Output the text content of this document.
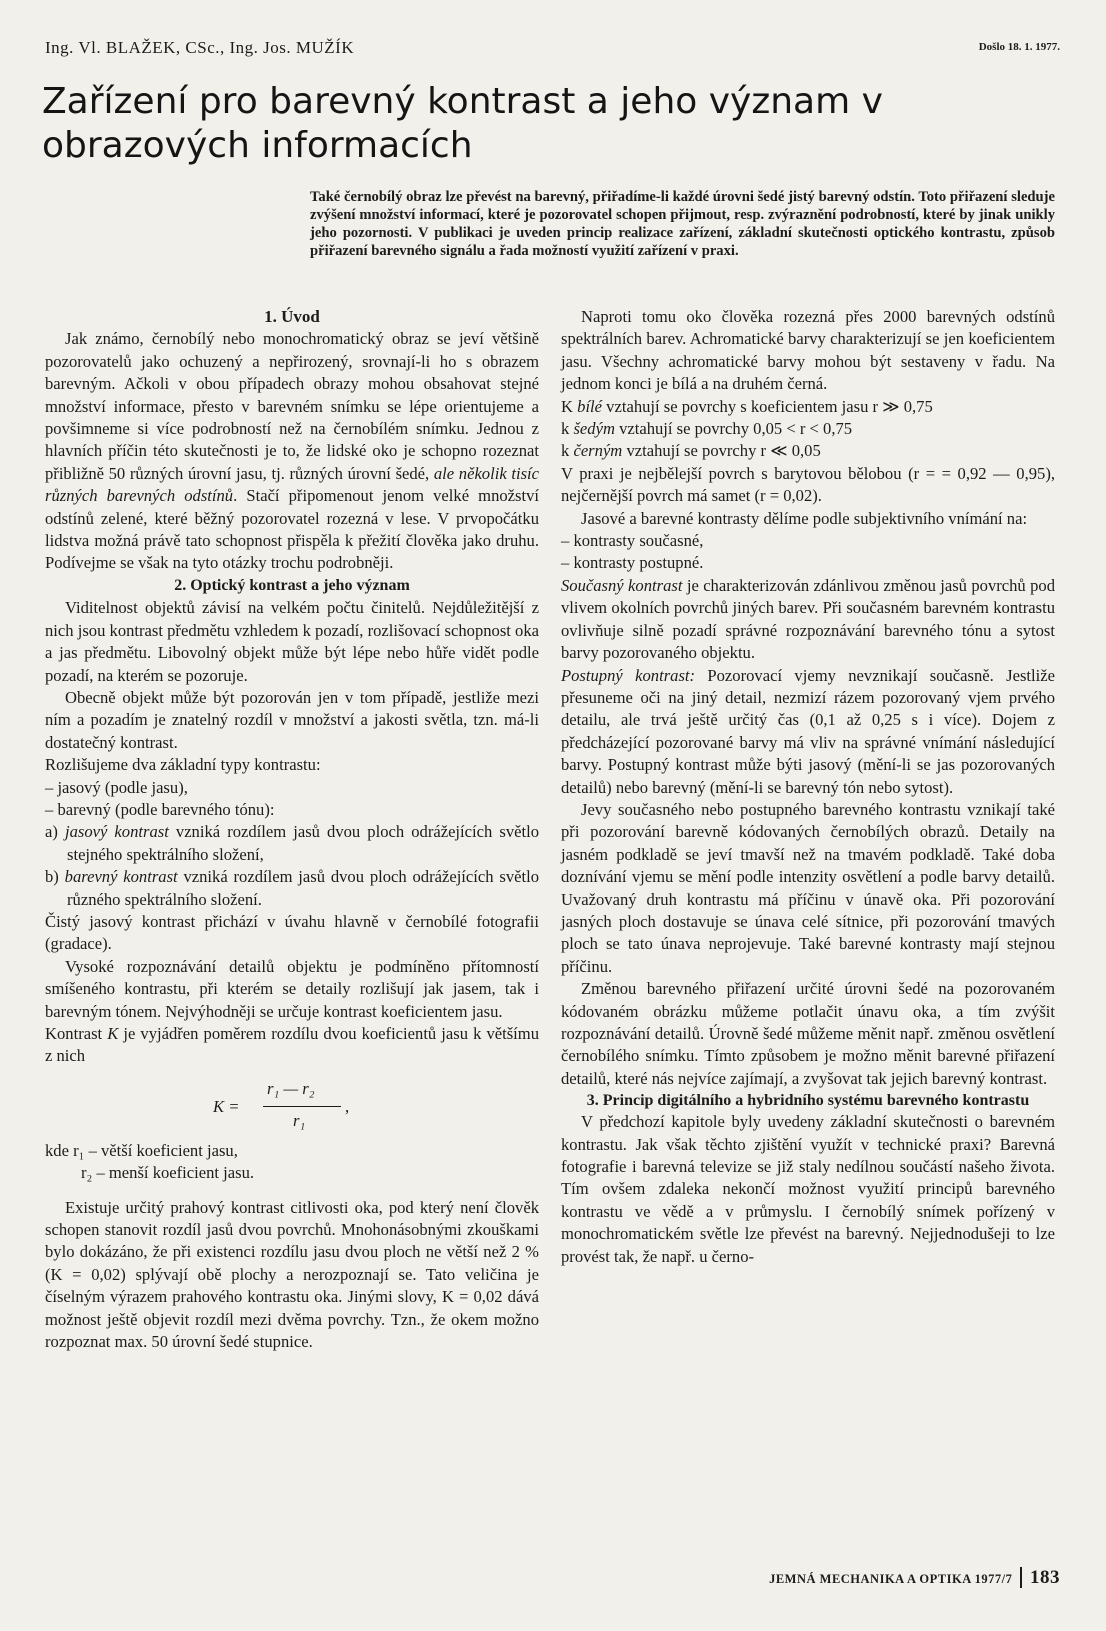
Ing. Vl. BLAŽEK, CSc., Ing. Jos. MUŽÍK	Došlo 18. 1. 1977.
Zařízení pro barevný kontrast a jeho význam v obrazových informacích
Také černobílý obraz lze převést na barevný, přiřadíme-li každé úrovni šedé jistý barevný odstín. Toto přiřazení sleduje zvýšení množství informací, které je pozorovatel schopen přijmout, resp. zvýraznění podrobností, které by jinak unikly jeho pozornosti. V publikaci je uveden princip realizace zařízení, základní skutečnosti optického kontrastu, způsob přiřazení barevného signálu a řada možností využití zařízení v praxi.

1. Úvod

Jak známo, černobílý nebo monochromatický obraz se jeví většině pozorovatelů jako ochuzený a nepřirozený, srovnají-li ho s obrazem barevným. Ačkoli v obou případech obrazy mohou obsahovat stejné množství informace, přesto v barevném snímku se lépe orientujeme a povšimneme si více podrobností než na černobílém snímku. Jednou z hlavních příčin této skutečnosti je to, že lidské oko je schopno rozeznat přibližně 50 různých úrovní jasu, tj. různých úrovní šedé, ale několik tisíc různých barevných odstínů. Stačí připomenout jenom velké množství odstínů zelené, které běžný pozorovatel rozezná v lese. V prvopočátku lidstva možná právě tato schopnost přispěla k přežití člověka jako druhu. Podívejme se však na tyto otázky trochu podrobněji.

2. Optický kontrast a jeho význam

Viditelnost objektů závisí na velkém počtu činitelů. Nejdůležitější z nich jsou kontrast předmětu vzhledem k pozadí, rozlišovací schopnost oka a jas předmětu. Libovolný objekt může být lépe nebo hůře vidět podle pozadí, na kterém se pozoruje.

Obecně objekt může být pozorován jen v tom případě, jestliže mezi ním a pozadím je znatelný rozdíl v množství a jakosti světla, tzn. má-li dostatečný kontrast.

Rozlišujeme dva základní typy kontrastu:

– jasový (podle jasu),

– barevný (podle barevného tónu):

a) jasový kontrast vzniká rozdílem jasů dvou ploch odrážejících světlo stejného spektrálního složení,

b) barevný kontrast vzniká rozdílem jasů dvou ploch odrážejících světlo různého spektrálního složení.

Čistý jasový kontrast přichází v úvahu hlavně v černobílé fotografii (gradace).

Vysoké rozpoznávání detailů objektu je podmíněno přítomností smíšeného kontrastu, při kterém se detaily rozlišují jak jasem, tak i barevným tónem. Nejvýhodněji se určuje kontrast koeficientem jasu.

Kontrast K je vyjádřen poměrem rozdílu dvou koeficientů jasu k většímu z nich

K =
r₁ — r₂
r₁
,

kde r₁ – větší koeficient jasu,

r₂ – menší koeficient jasu.

Existuje určitý prahový kontrast citlivosti oka, pod který není člověk schopen stanovit rozdíl jasů dvou povrchů. Mnohonásobnými zkouškami bylo dokázáno, že při existenci rozdílu jasu dvou ploch ne větší než 2 % (K = 0,02) splývají obě plochy a nerozpoznají se. Tato veličina je číselným výrazem prahového kontrastu oka. Jinými slovy, K = 0,02 dává možnost ještě objevit rozdíl mezi dvěma povrchy. Tzn., že okem možno rozpoznat max. 50 úrovní šedé stupnice.

Naproti tomu oko člověka rozezná přes 2000 barevných odstínů spektrálních barev. Achromatické barvy charakterizují se jen koeficientem jasu. Všechny achromatické barvy mohou být sestaveny v řadu. Na jednom konci je bílá a na druhém černá.

K bílé vztahují se povrchy s koeficientem jasu r ≫ 0,75

k šedým vztahují se povrchy 0,05 < r < 0,75

k černým vztahují se povrchy r ≪ 0,05

V praxi je nejbělejší povrch s barytovou bělobou (r = = 0,92 — 0,95), nejčernější povrch má samet (r = 0,02).

Jasové a barevné kontrasty dělíme podle subjektivního vnímání na:

– kontrasty současné,

– kontrasty postupné.

Současný kontrast je charakterizován zdánlivou změnou jasů povrchů pod vlivem okolních povrchů jiných barev. Při současném barevném kontrastu ovlivňuje silně pozadí správné rozpoznávání barevného tónu a sytost barvy pozorovaného objektu.

Postupný kontrast: Pozorovací vjemy nevznikají současně. Jestliže přesuneme oči na jiný detail, nezmizí rázem pozorovaný vjem prvého detailu, ale trvá ještě určitý čas (0,1 až 0,25 s i více). Dojem z předcházející pozorované barvy má vliv na správné vnímání následující barvy. Postupný kontrast může býti jasový (mění-li se jas pozorovaných detailů) nebo barevný (mění-li se barevný tón nebo sytost).

Jevy současného nebo postupného barevného kontrastu vznikají také při pozorování barevně kódovaných černobílých obrazů. Detaily na jasném podkladě se jeví tmavší než na tmavém podkladě. Také doba doznívání vjemu se mění podle intenzity osvětlení a podle barvy detailů. Uvažovaný druh kontrastu má příčinu v únavě oka. Při pozorování jasných ploch dostavuje se únava celé sítnice, při pozorování tmavých ploch se tato únava neprojevuje. Také barevné kontrasty mají stejnou příčinu.

Změnou barevného přiřazení určité úrovni šedé na pozorovaném kódovaném obrázku můžeme potlačit únavu oka, a tím zvýšit rozpoznávání detailů. Úrovně šedé můžeme měnit např. změnou osvětlení černobílého snímku. Tímto způsobem je možno měnit barevné přiřazení detailů, které nás nejvíce zajímají, a zvyšovat tak jejich barevný kontrast.

3. Princip digitálního a hybridního systému barevného kontrastu

V předchozí kapitole byly uvedeny základní skutečnosti o barevném kontrastu. Jak však těchto zjištění využít v technické praxi? Barevná fotografie i barevná televize se již staly nedílnou součástí našeho života. Tím ovšem zdaleka nekončí možnost využití principů barevného kontrastu ve vědě a v průmyslu. I černobílý snímek pořízený v monochromatickém světle lze převést na barevný. Nejjednodušeji to lze provést tak, že např. u černo-

JEMNÁ MECHANIKA A OPTIKA 1977/7 183
